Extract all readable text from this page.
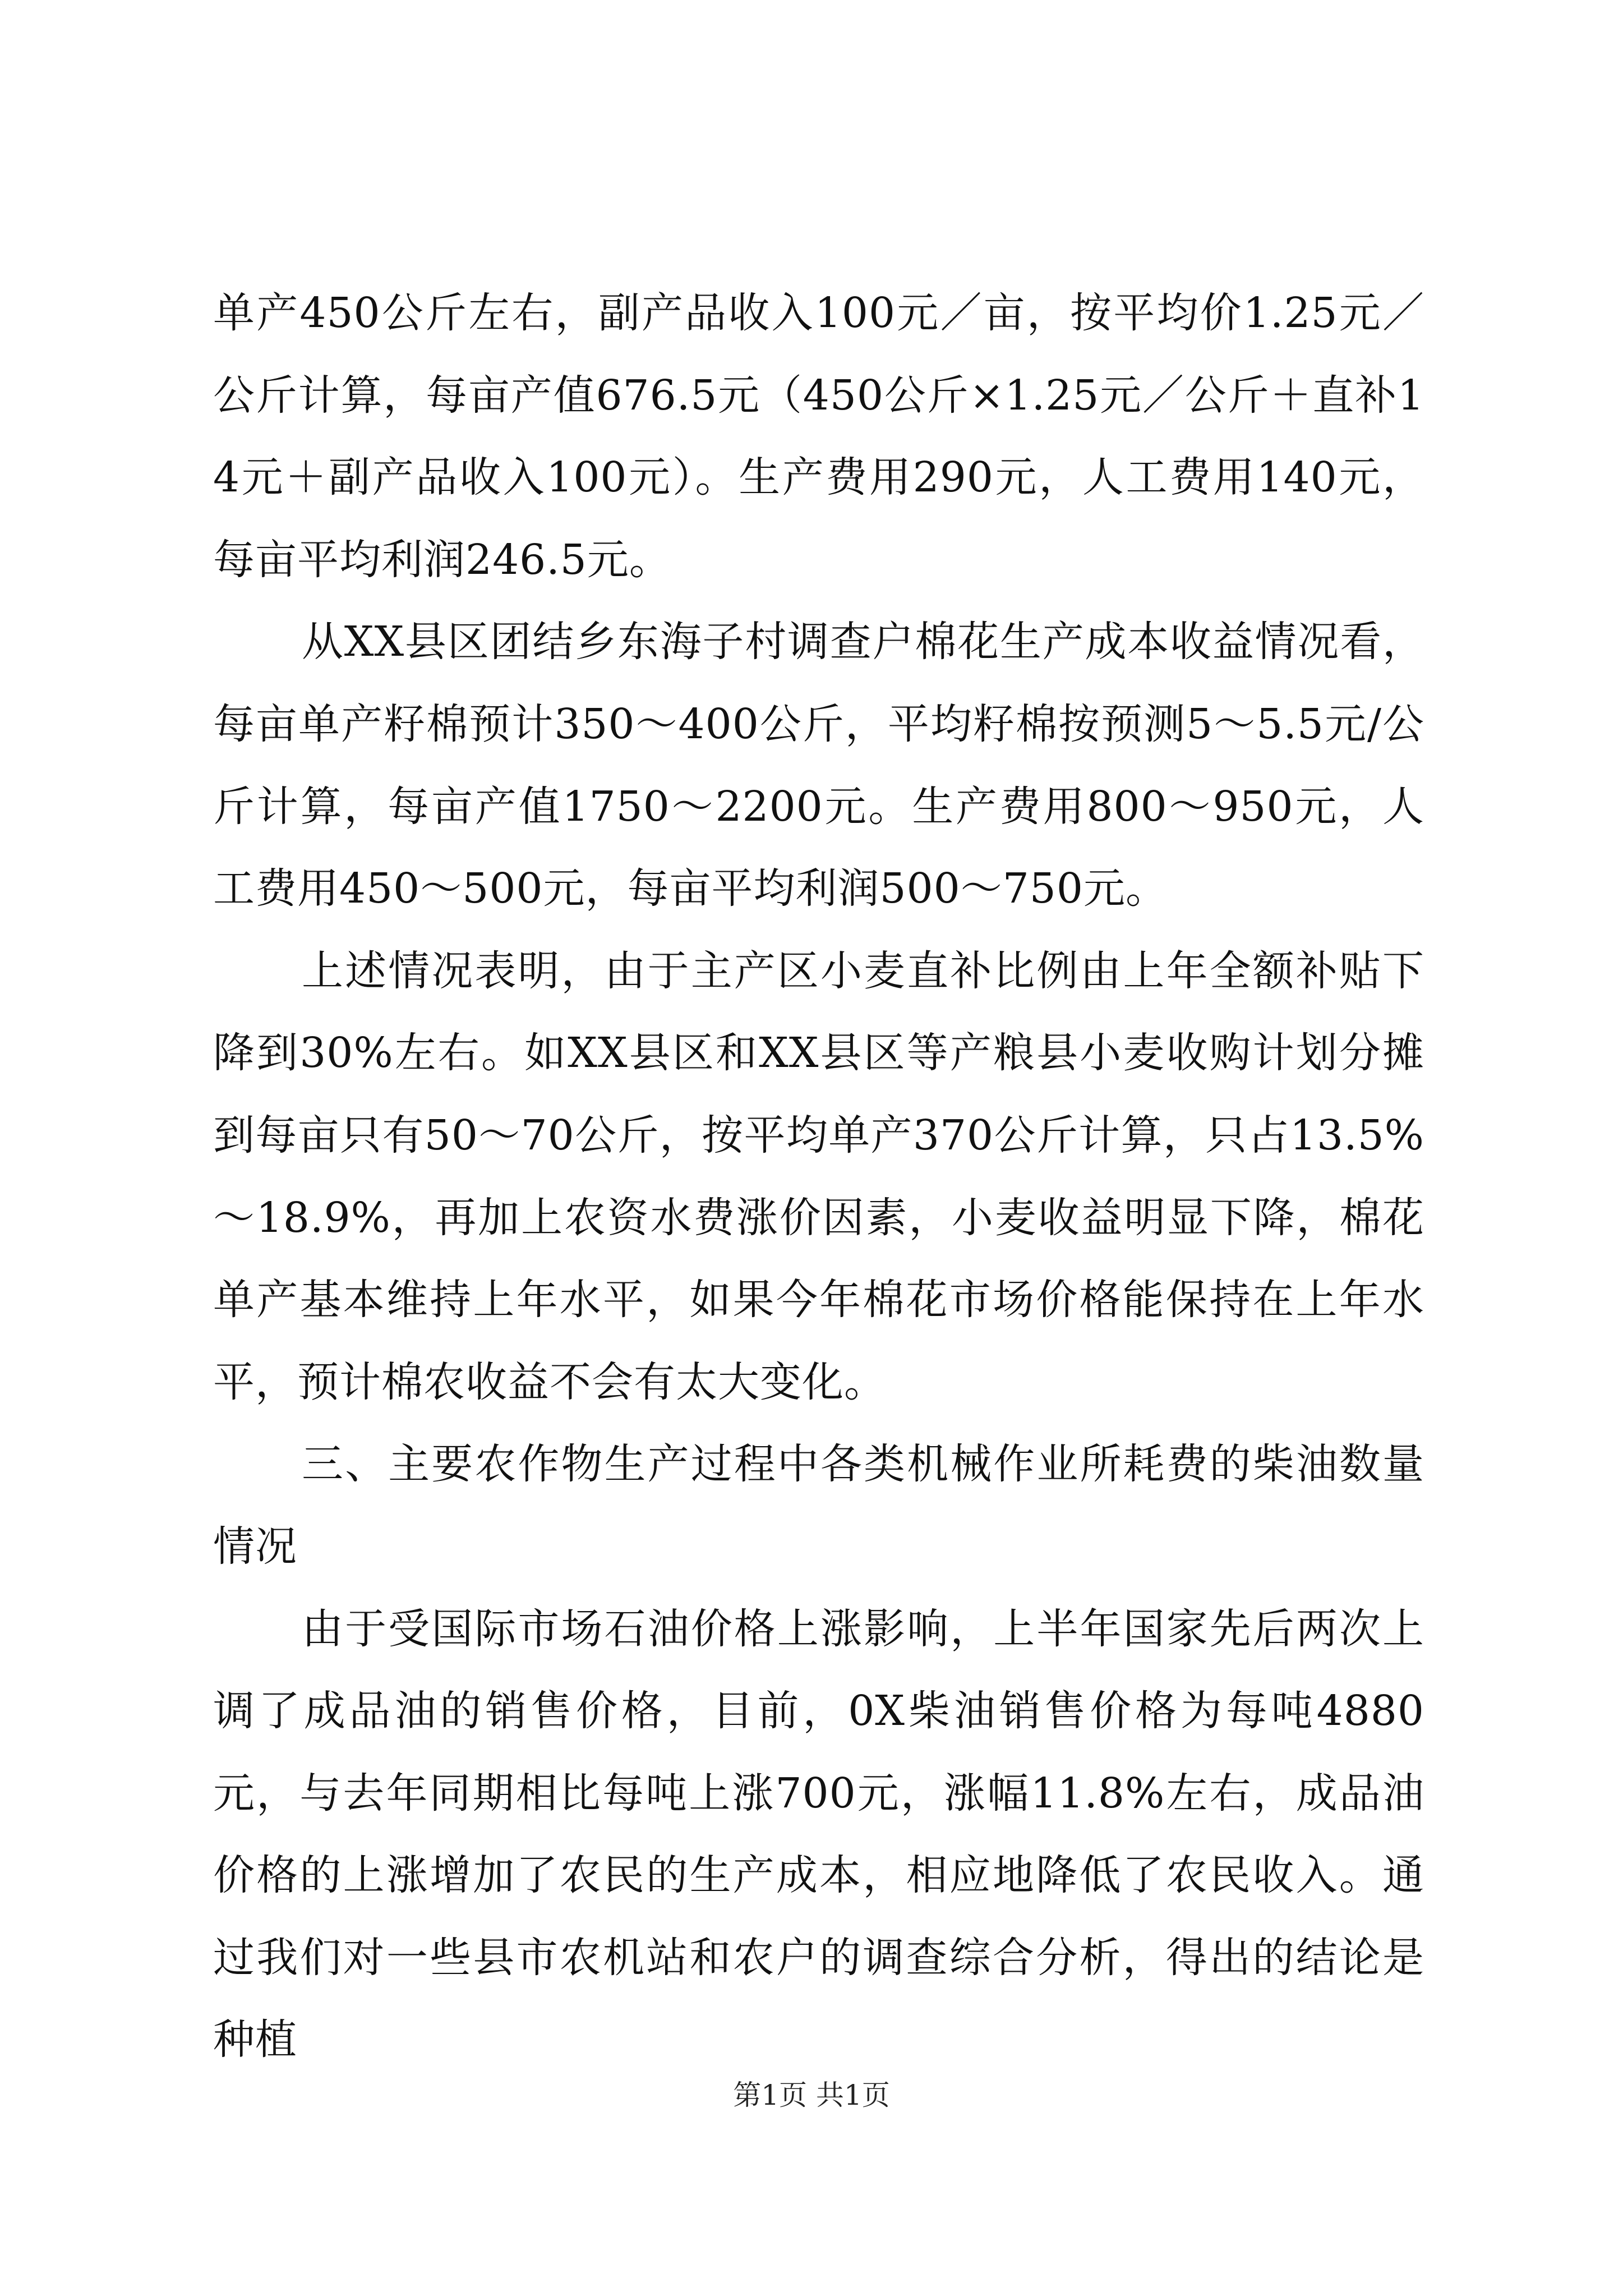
单产450公斤左右，副产品收入100元／亩，按平均价1.25元／公斤计算，每亩产值676.5元（450公斤×1.25元／公斤＋直补14元＋副产品收入100元）。生产费用290元，人工费用140元，每亩平均利润246.5元。

从XX县区团结乡东海子村调查户棉花生产成本收益情况看，每亩单产籽棉预计350～400公斤，平均籽棉按预测5～5.5元/公斤计算，每亩产值1750～2200元。生产费用800～950元，人工费用450～500元，每亩平均利润500～750元。

上述情况表明，由于主产区小麦直补比例由上年全额补贴下降到30%左右。如XX县区和XX县区等产粮县小麦收购计划分摊到每亩只有50～70公斤，按平均单产370公斤计算，只占13.5%～18.9%，再加上农资水费涨价因素，小麦收益明显下降，棉花单产基本维持上年水平，如果今年棉花市场价格能保持在上年水平，预计棉农收益不会有太大变化。

三、主要农作物生产过程中各类机械作业所耗费的柴油数量情况

由于受国际市场石油价格上涨影响，上半年国家先后两次上调了成品油的销售价格，目前，0X柴油销售价格为每吨4880元，与去年同期相比每吨上涨700元，涨幅11.8%左右，成品油价格的上涨增加了农民的生产成本，相应地降低了农民收入。通过我们对一些县市农机站和农户的调查综合分析，得出的结论是种植

第1页 共1页
